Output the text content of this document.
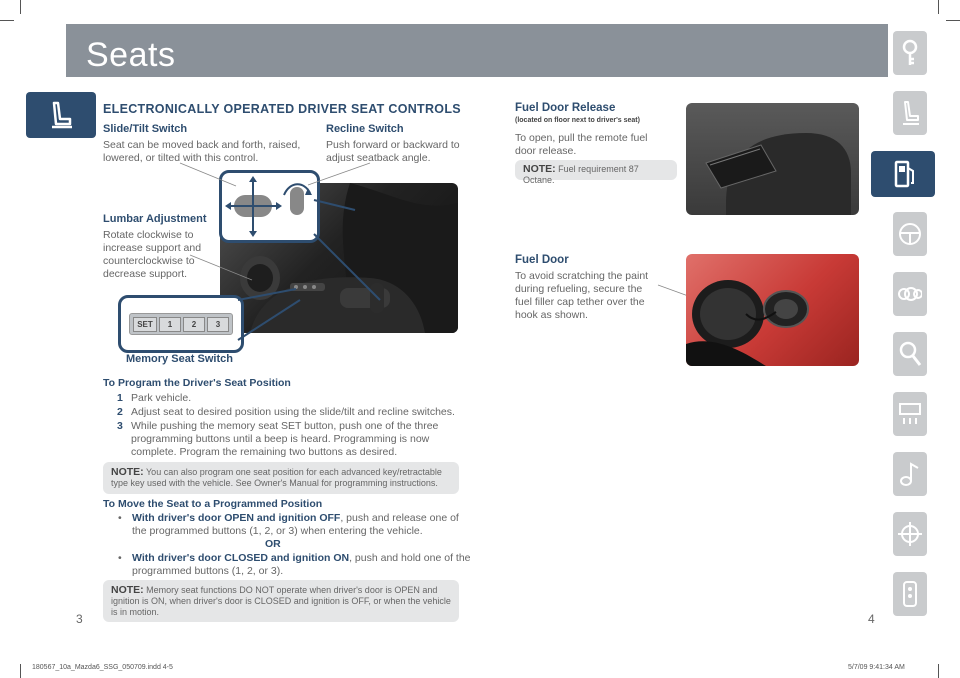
Seats
ELECTRONICALLY OPERATED DRIVER SEAT CONTROLS
Slide/Tilt Switch
Seat can be moved back and forth, raised, lowered, or tilted with this control.
Recline Switch
Push forward or backward to adjust seatback angle.
Lumbar Adjustment
Rotate clockwise to increase support and counterclockwise to decrease support.
SET	1	2	3
Memory Seat Switch
To Program the Driver's Seat Position
1 Park vehicle.
2 Adjust seat to desired position using the slide/tilt and recline switches.
3 While pushing the memory seat SET button, push one of the three programming buttons until a beep is heard. Programming is now complete. Program the remaining two buttons as desired.
NOTE: You can also program one seat position for each advanced key/retractable type key used with the vehicle. See Owner's Manual for programming instructions.
To Move the Seat to a Programmed Position
• With driver's door OPEN and ignition OFF, push and release one of the programmed buttons (1, 2, or 3) when entering the vehicle.
OR
• With driver's door CLOSED and ignition ON, push and hold one of the programmed buttons (1, 2, or 3).
NOTE: Memory seat functions DO NOT operate when driver's door is OPEN and ignition is ON, when driver's door is CLOSED and ignition is OFF, or when the vehicle is in motion.
Fuel Door Release
(located on floor next to driver's seat)
To open, pull the remote fuel door release.
NOTE: Fuel requirement 87 Octane.
Fuel Door
To avoid scratching the paint during refueling, secure the fuel filler cap tether over the hook as shown.
3	4
180567_10a_Mazda6_SSG_050709.indd 4-5	5/7/09 9:41:34 AM
